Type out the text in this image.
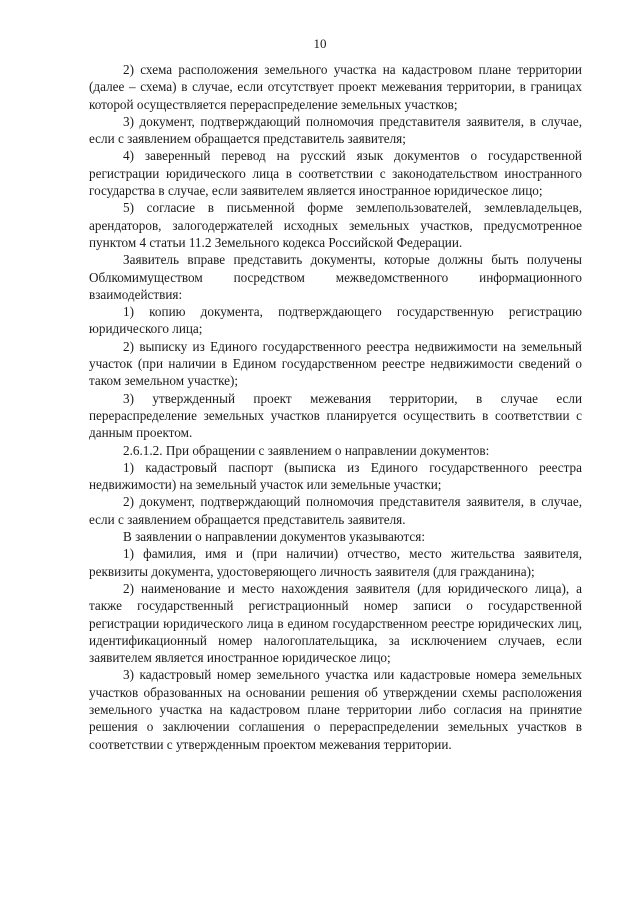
10

2) схема расположения земельного участка на кадастровом плане территории (далее – схема) в случае, если отсутствует проект межевания территории, в границах которой осуществляется перераспределение земельных участков;

3) документ, подтверждающий полномочия представителя заявителя, в случае, если с заявлением обращается представитель заявителя;

4) заверенный перевод на русский язык документов о государственной регистрации юридического лица в соответствии с законодательством иностранного государства в случае, если заявителем является иностранное юридическое лицо;

5) согласие в письменной форме землепользователей, землевладельцев, арендаторов, залогодержателей исходных земельных участков, предусмотренное пунктом 4 статьи 11.2 Земельного кодекса Российской Федерации.

Заявитель вправе представить документы, которые должны быть получены Облкомимуществом посредством межведомственного информационного взаимодействия:

1) копию документа, подтверждающего государственную регистрацию юридического лица;

2) выписку из Единого государственного реестра недвижимости на земельный участок (при наличии в Едином государственном реестре недвижимости сведений о таком земельном участке);

3) утвержденный проект межевания территории, в случае если перераспределение земельных участков планируется осуществить в соответствии с данным проектом.

2.6.1.2. При обращении с заявлением о направлении документов:

1) кадастровый паспорт (выписка из Единого государственного реестра недвижимости) на земельный участок или земельные участки;

2) документ, подтверждающий полномочия представителя заявителя, в случае, если с заявлением обращается представитель заявителя.

В заявлении о направлении документов указываются:

1) фамилия, имя и (при наличии) отчество, место жительства заявителя, реквизиты документа, удостоверяющего личность заявителя (для гражданина);

2) наименование и место нахождения заявителя (для юридического лица), а также государственный регистрационный номер записи о государственной регистрации юридического лица в едином государственном реестре юридических лиц, идентификационный номер налогоплательщика, за исключением случаев, если заявителем является иностранное юридическое лицо;

3) кадастровый номер земельного участка или кадастровые номера земельных участков образованных на основании решения об утверждении схемы расположения земельного участка на кадастровом плане территории либо согласия на принятие решения о заключении соглашения о перераспределении земельных участков в соответствии с утвержденным проектом межевания территории.
